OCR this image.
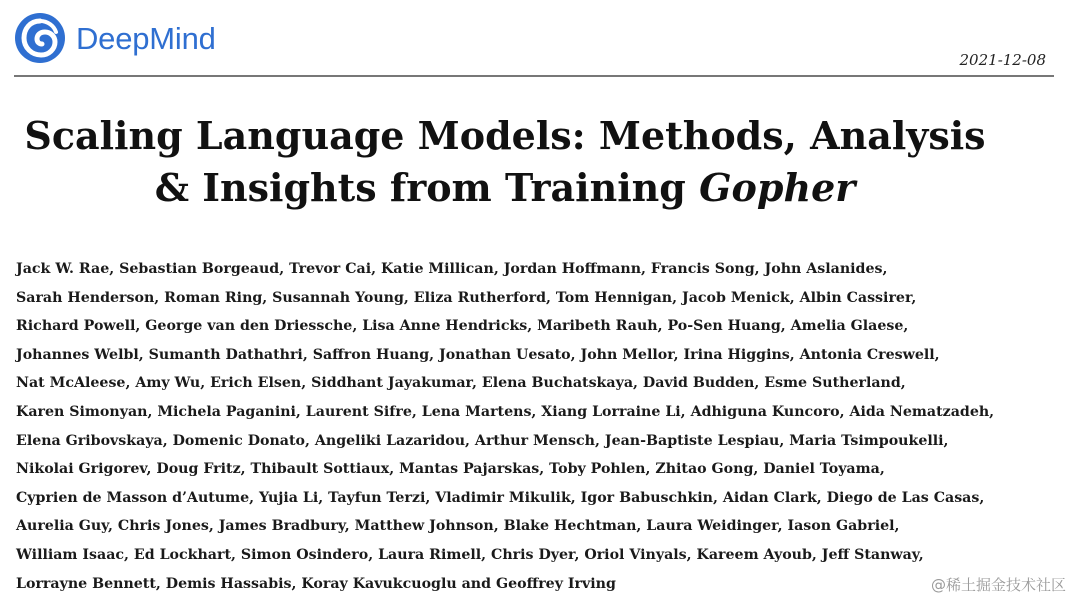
DeepMind
2021-12-08
Scaling Language Models: Methods, Analysis
& Insights from Training Gopher
Jack W. Rae, Sebastian Borgeaud, Trevor Cai, Katie Millican, Jordan Hoffmann, Francis Song, John Aslanides,
Sarah Henderson, Roman Ring, Susannah Young, Eliza Rutherford, Tom Hennigan, Jacob Menick, Albin Cassirer,
Richard Powell, George van den Driessche, Lisa Anne Hendricks, Maribeth Rauh, Po-Sen Huang, Amelia Glaese,
Johannes Welbl, Sumanth Dathathri, Saffron Huang, Jonathan Uesato, John Mellor, Irina Higgins, Antonia Creswell,
Nat McAleese, Amy Wu, Erich Elsen, Siddhant Jayakumar, Elena Buchatskaya, David Budden, Esme Sutherland,
Karen Simonyan, Michela Paganini, Laurent Sifre, Lena Martens, Xiang Lorraine Li, Adhiguna Kuncoro, Aida Nematzadeh,
Elena Gribovskaya, Domenic Donato, Angeliki Lazaridou, Arthur Mensch, Jean-Baptiste Lespiau, Maria Tsimpoukelli,
Nikolai Grigorev, Doug Fritz, Thibault Sottiaux, Mantas Pajarskas, Toby Pohlen, Zhitao Gong, Daniel Toyama,
Cyprien de Masson d’Autume, Yujia Li, Tayfun Terzi, Vladimir Mikulik, Igor Babuschkin, Aidan Clark, Diego de Las Casas,
Aurelia Guy, Chris Jones, James Bradbury, Matthew Johnson, Blake Hechtman, Laura Weidinger, Iason Gabriel,
William Isaac, Ed Lockhart, Simon Osindero, Laura Rimell, Chris Dyer, Oriol Vinyals, Kareem Ayoub, Jeff Stanway,
Lorrayne Bennett, Demis Hassabis, Koray Kavukcuoglu and Geoffrey Irving	@稀土掘金技术社区
